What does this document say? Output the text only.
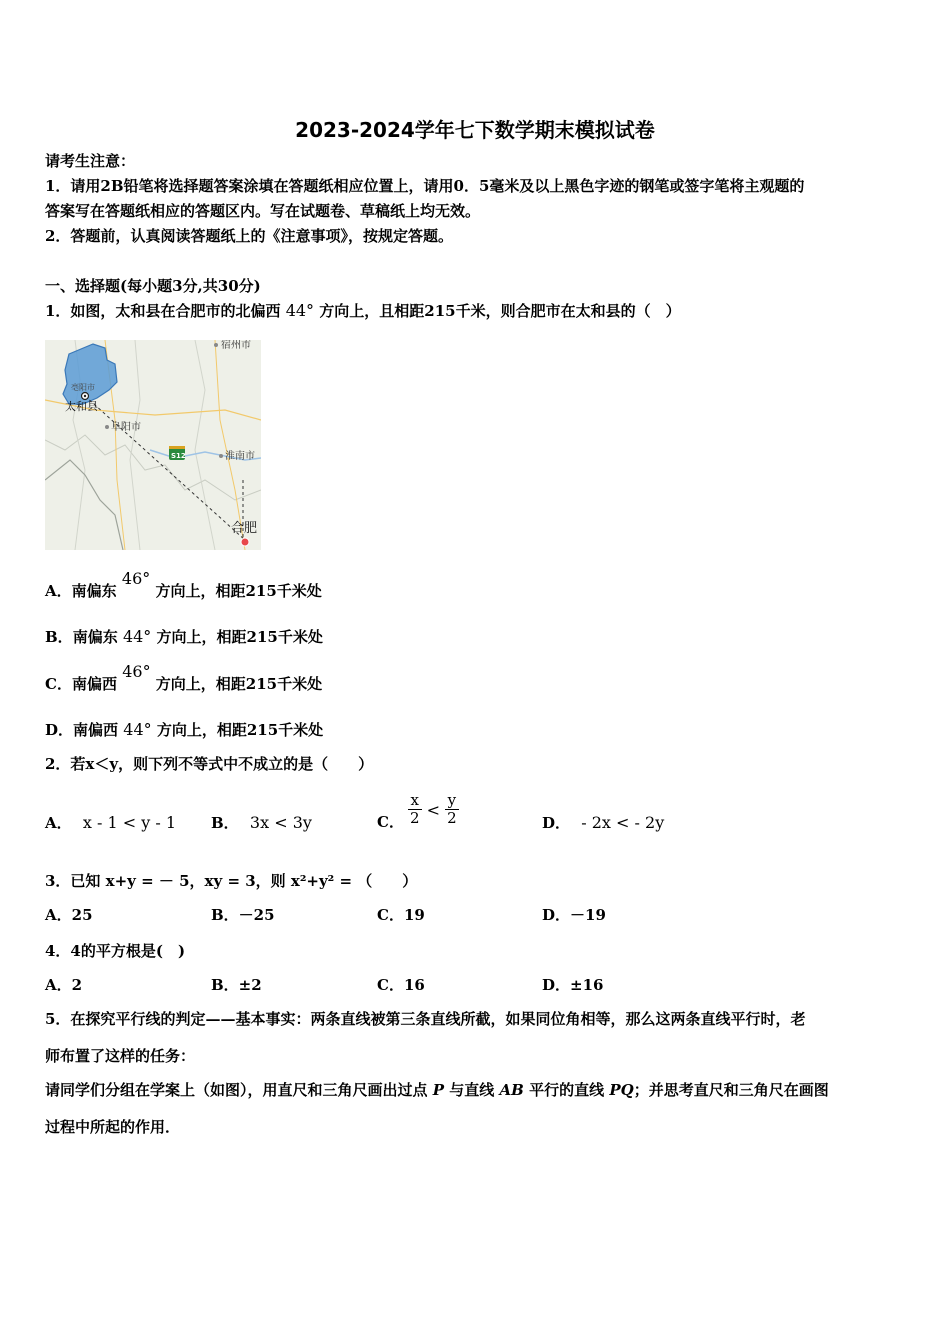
2023-2024学年七下数学期末模拟试卷
请考生注意：
1．请用2B铅笔将选择题答案涂填在答题纸相应位置上，请用0．5毫米及以上黑色字迹的钢笔或签字笔将主观题的
答案写在答题纸相应的答题区内。写在试题卷、草稿纸上均无效。
2．答题前，认真阅读答题纸上的《注意事项》，按规定答题。
一、选择题(每小题3分,共30分)
1．如图，太和县在合肥市的北偏西 44° 方向上，且相距215千米，则合肥市在太和县的（　）
S12
宿州市
亳阳市
太和县
阜阳市
淮南市
合肥
A．南偏东 46° 方向上，相距215千米处
B．南偏东 44° 方向上，相距215千米处
C．南偏西 46° 方向上，相距215千米处
D．南偏西 44° 方向上，相距215千米处
2．若x＜y，则下列不等式中不成立的是（　　）
A． x - 1 < y - 1 B． 3x < 3y	C． $\frac{x}{2} < \frac{y}{2}$	D． - 2x < - 2y
3．已知 x+y = － 5，xy = 3，则 x²+y² = （　　）
A．25	B．－25	C．19	D．－19
4．4的平方根是(　)
A．2	B．±2	C．16	D．±16
5．在探究平行线的判定——基本事实：两条直线被第三条直线所截，如果同位角相等，那么这两条直线平行时，老
师布置了这样的任务：
请同学们分组在学案上（如图），用直尺和三角尺画出过点 P 与直线 AB 平行的直线 PQ；并思考直尺和三角尺在画图
过程中所起的作用．
